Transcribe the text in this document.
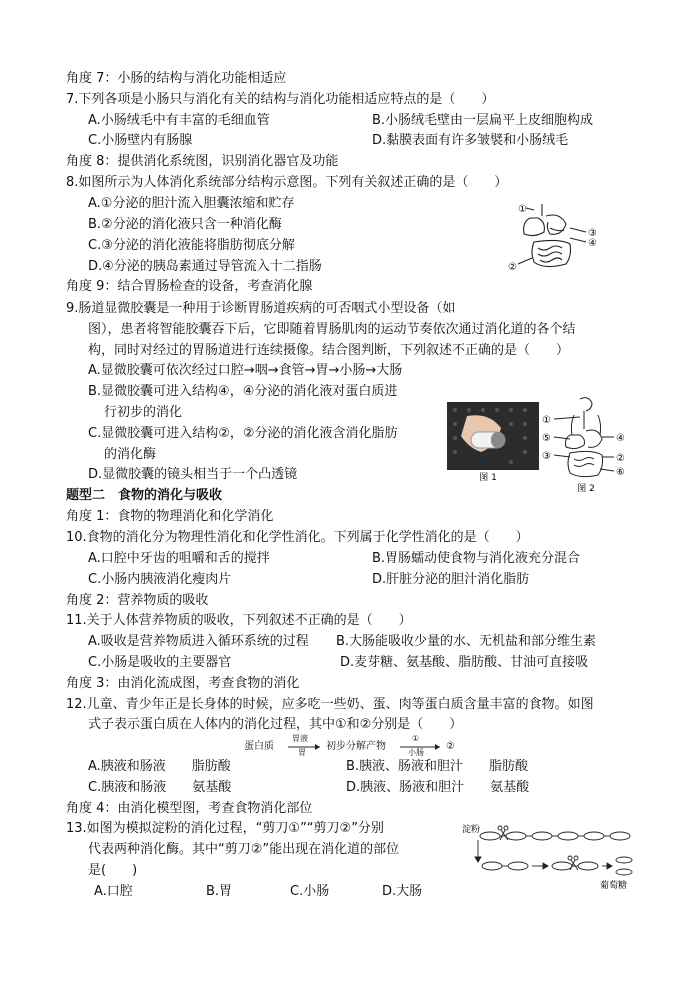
角度 7：小肠的结构与消化功能相适应
7.下列各项是小肠只与消化有关的结构与消化功能相适应特点的是（　　）
A.小肠绒毛中有丰富的毛细血管	B.小肠绒毛壁由一层扁平上皮细胞构成
C.小肠壁内有肠腺	D.黏膜表面有许多皱襞和小肠绒毛
角度 8：提供消化系统图，识别消化器官及功能
8.如图所示为人体消化系统部分结构示意图。下列有关叙述正确的是（　　）
A.①分泌的胆汁流入胆囊浓缩和贮存
B.②分泌的消化液只含一种消化酶
C.③分泌的消化液能将脂肪彻底分解
D.④分泌的胰岛素通过导管流入十二指肠
①
②
③
④
角度 9：结合胃肠检查的设备，考查消化腺
9.肠道显微胶囊是一种用于诊断胃肠道疾病的可否咽式小型设备（如
图），患者将智能胶囊吞下后，它即随着胃肠肌肉的运动节奏依次通过消化道的各个结
构，同时对经过的胃肠道进行连续摄像。结合图判断，下列叙述不正确的是（　　）
A.显微胶囊可依次经过口腔→咽→食管→胃→小肠→大肠
B.显微胶囊可进入结构④，④分泌的消化液对蛋白质进
行初步的消化
C.显微胶囊可进入结构②，②分泌的消化液含消化脂肪
的消化酶
D.显微胶囊的镜头相当于一个凸透镜	图 1
①
⑤
③
④
②
⑥
图 2
题型二　食物的消化与吸收
角度 1：食物的物理消化和化学消化
10.食物的消化分为物理性消化和化学性消化。下列属于化学性消化的是（　　）
A.口腔中牙齿的咀嚼和舌的搅拌	B.胃肠蠕动使食物与消化液充分混合
C.小肠内胰液消化瘦肉片	D.肝脏分泌的胆汁消化脂肪
角度 2：营养物质的吸收
11.关于人体营养物质的吸收，下列叙述不正确的是（　　）
A.吸收是营养物质进入循环系统的过程 B.大肠能吸收少量的水、无机盐和部分维生素
C.小肠是吸收的主要器官	D.麦芽糖、氨基酸、脂肪酸、甘油可直接吸
角度 3：由消化流成图，考查食物的消化
12.儿童、青少年正是长身体的时候，应多吃一些奶、蛋、肉等蛋白质含量丰富的食物。如图
式子表示蛋白质在人体内的消化过程，其中①和②分别是（　　）
蛋白质
胃液
胃
初步分解产物
①
小肠
②
A.胰液和肠液　　脂肪酸	B.胰液、肠液和胆汁　　脂肪酸
C.胰液和肠液　　氨基酸	D.胰液、肠液和胆汁　　氨基酸
角度 4：由消化模型图，考查食物消化部位
13.如图为模拟淀粉的消化过程，“剪刀①”“剪刀②”分别
代表两种消化酶。其中“剪刀②”能出现在消化道的部位
是(　　)
A.口腔	B.胃	C.小肠	D.大肠
淀粉
葡萄糖
